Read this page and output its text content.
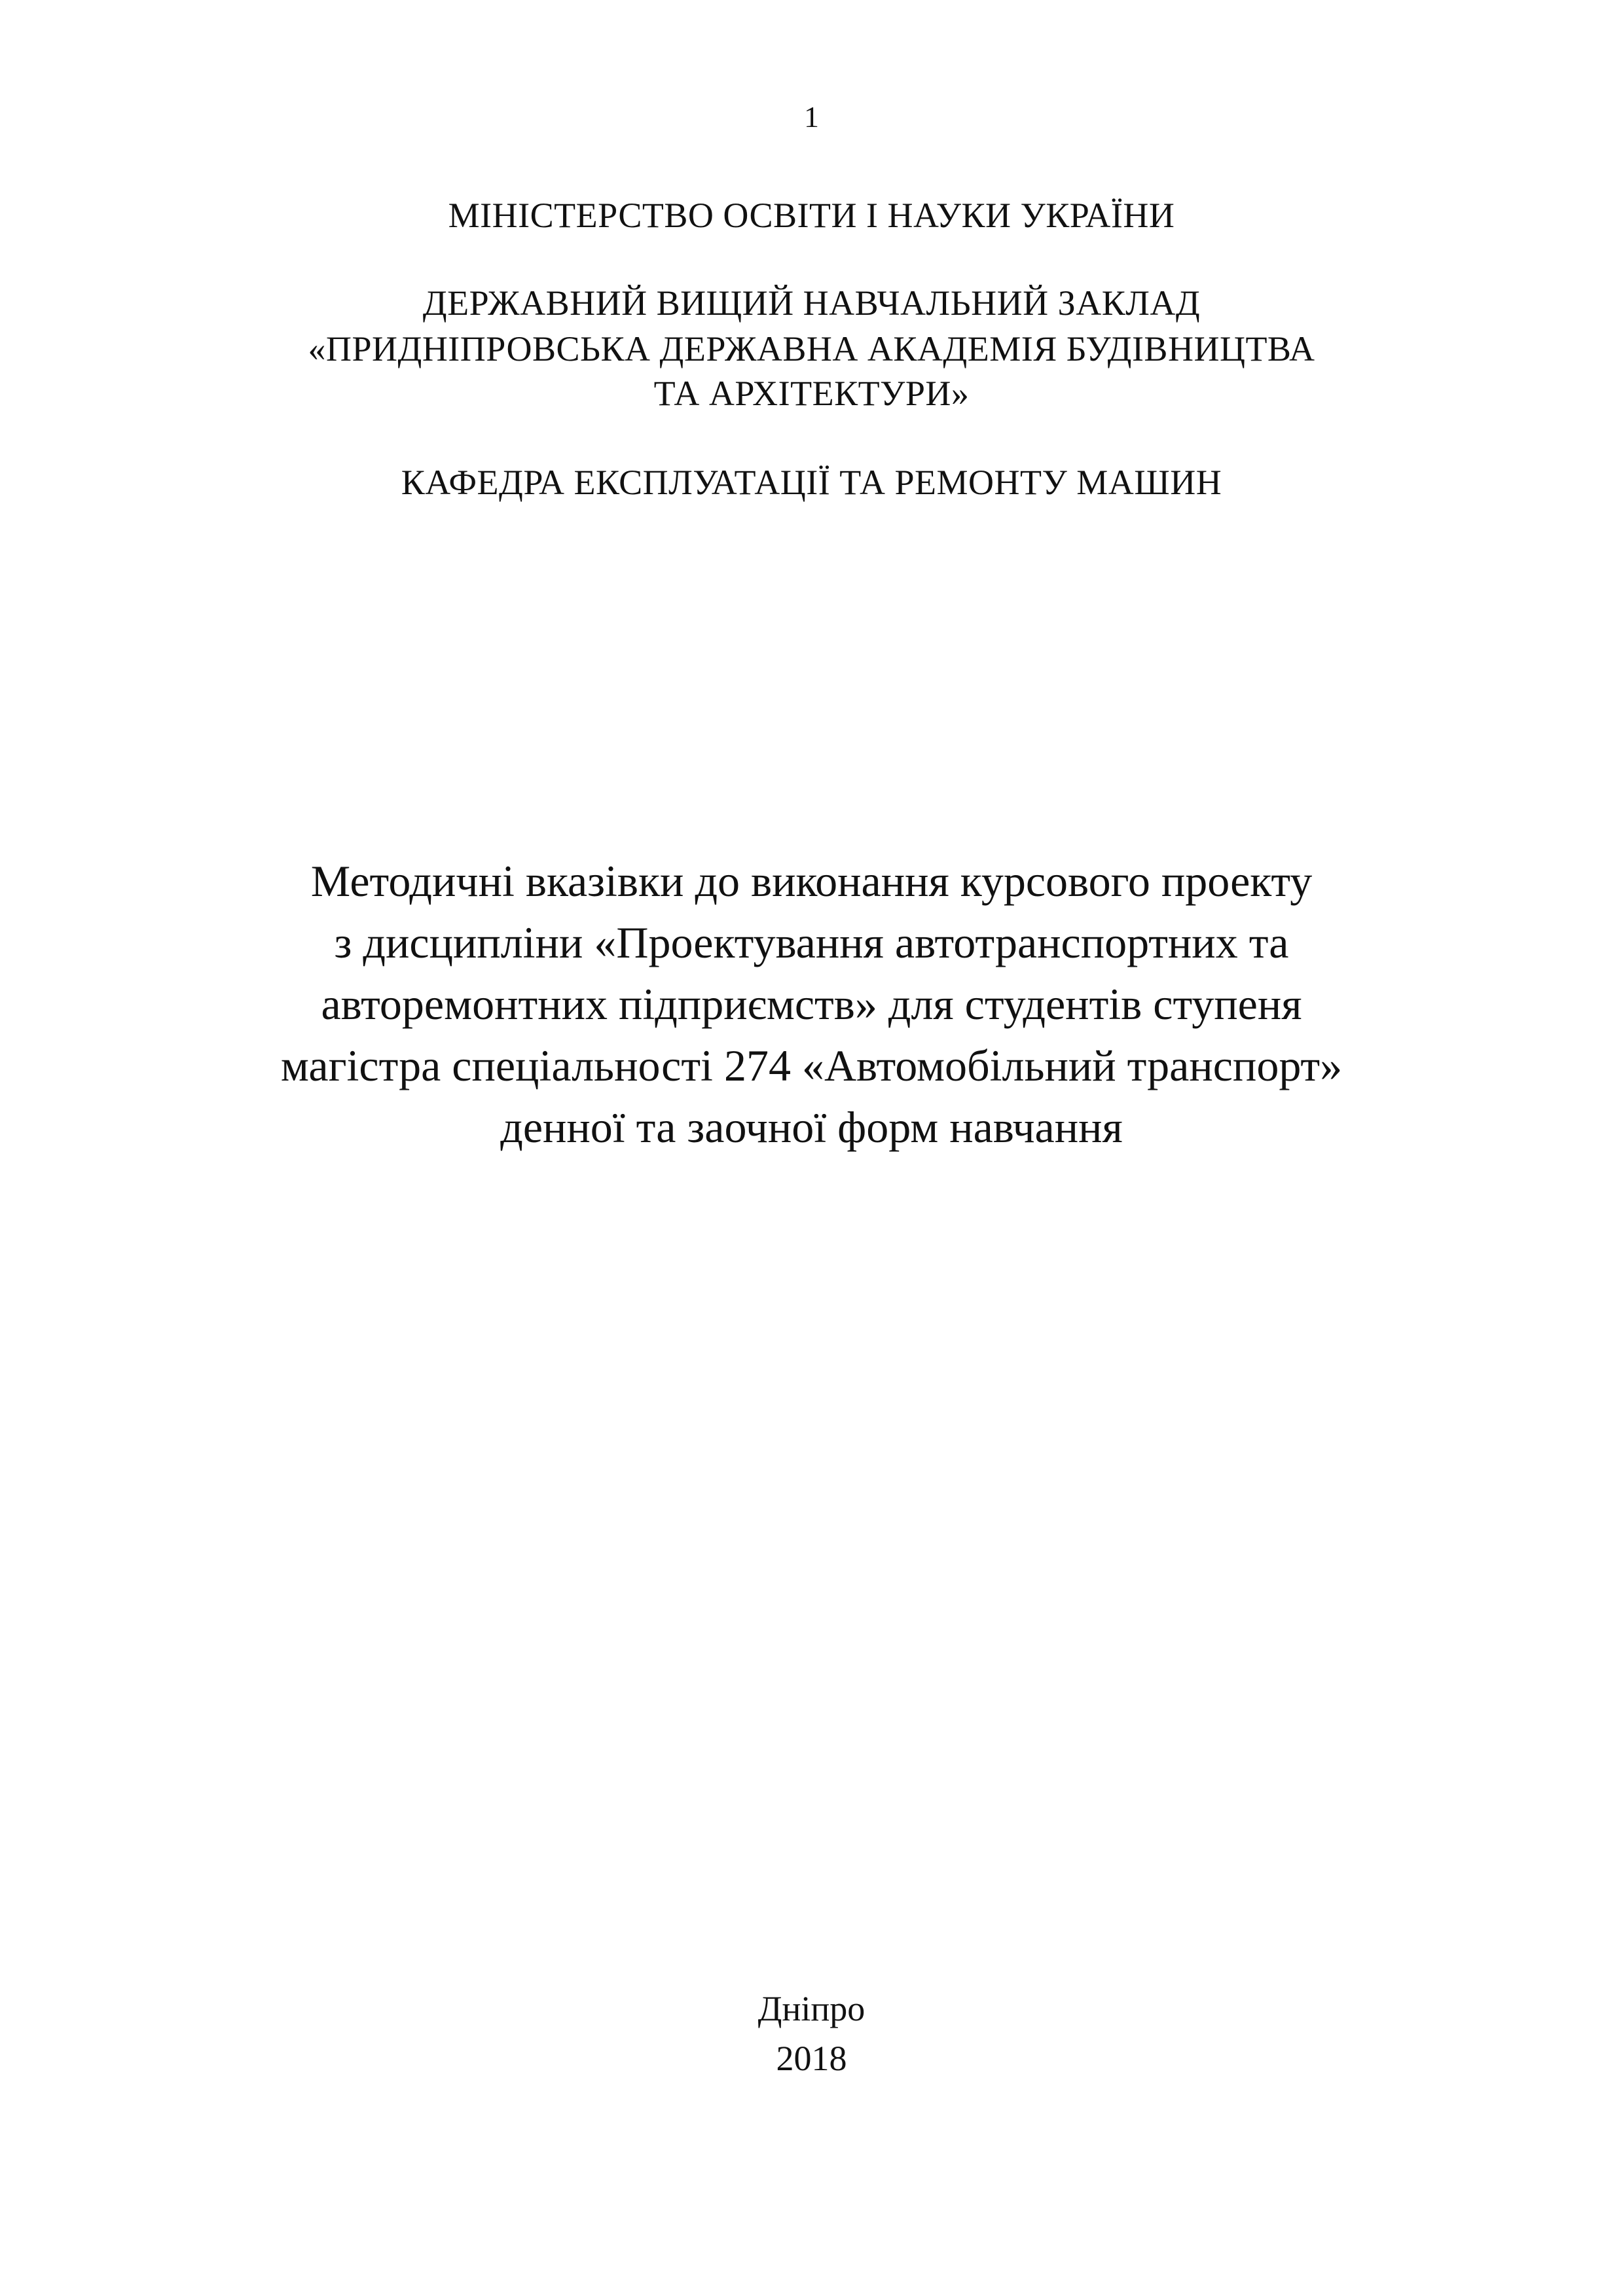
1
МІНІСТЕРСТВО ОСВІТИ І НАУКИ УКРАЇНИ
ДЕРЖАВНИЙ ВИЩИЙ НАВЧАЛЬНИЙ ЗАКЛАД
«ПРИДНІПРОВСЬКА ДЕРЖАВНА АКАДЕМІЯ БУДІВНИЦТВА
ТА АРХІТЕКТУРИ»
КАФЕДРА ЕКСПЛУАТАЦІЇ ТА РЕМОНТУ МАШИН
Методичні вказівки до виконання курсового проекту
з дисципліни «Проектування автотранспортних та
авторемонтних підприємств» для студентів ступеня
магістра спеціальності 274 «Автомобільний транспорт»
денної та заочної форм навчання
Дніпро
2018
